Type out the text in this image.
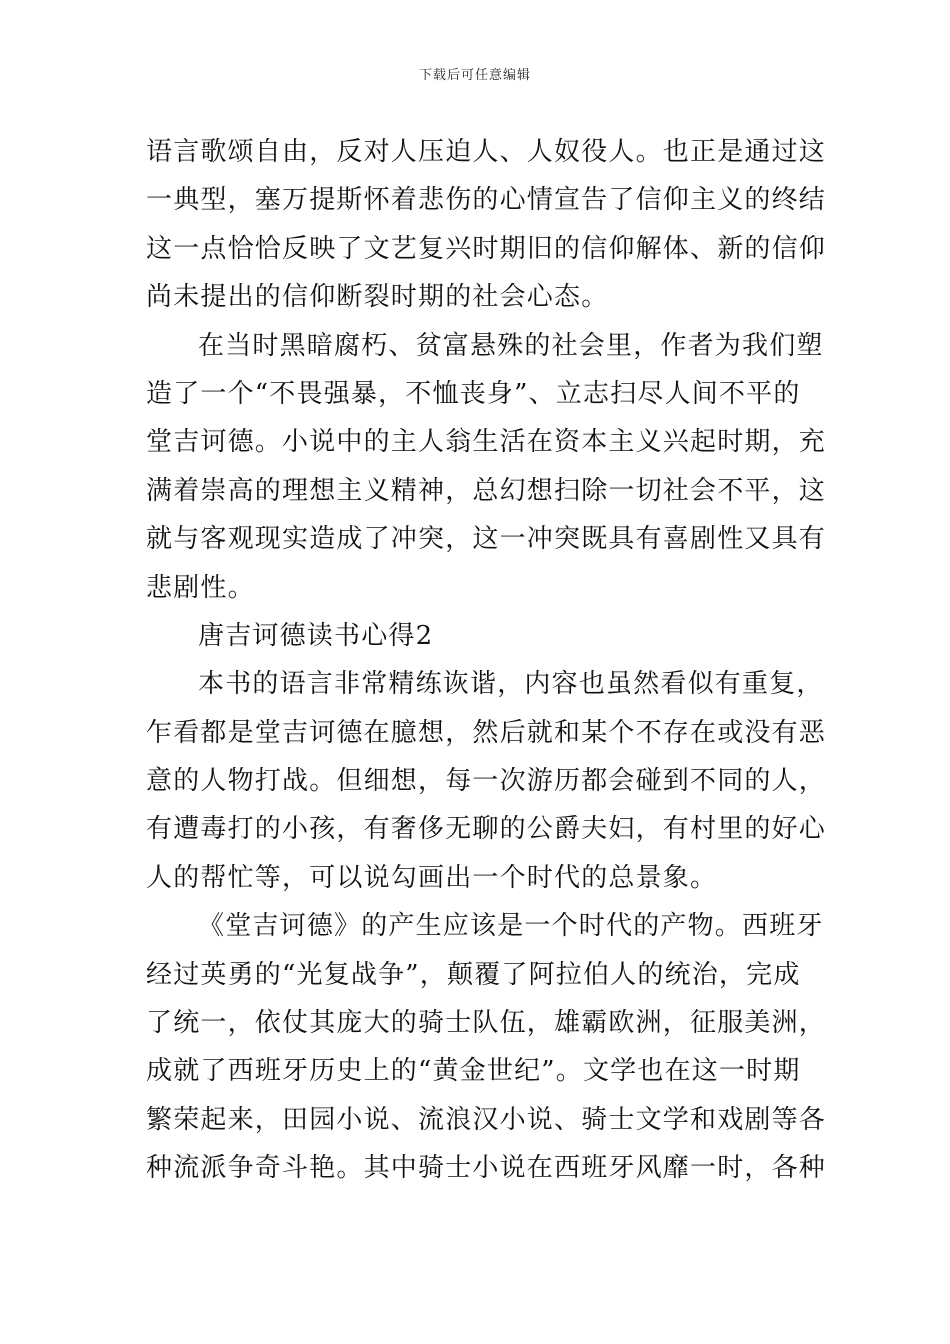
下载后可任意编辑
语言歌颂自由，反对人压迫人、人奴役人。也正是通过这
一典型，塞万提斯怀着悲伤的心情宣告了信仰主义的终结
这一点恰恰反映了文艺复兴时期旧的信仰解体、新的信仰
尚未提出的信仰断裂时期的社会心态。
在当时黑暗腐朽、贫富悬殊的社会里，作者为我们塑
造了一个“不畏强暴，不恤丧身”、立志扫尽人间不平的
堂吉诃德。小说中的主人翁生活在资本主义兴起时期，充
满着崇高的理想主义精神，总幻想扫除一切社会不平，这
就与客观现实造成了冲突，这一冲突既具有喜剧性又具有
悲剧性。
唐吉诃德读书心得2
本书的语言非常精练诙谐，内容也虽然看似有重复，
乍看都是堂吉诃德在臆想，然后就和某个不存在或没有恶
意的人物打战。但细想，每一次游历都会碰到不同的人，
有遭毒打的小孩，有奢侈无聊的公爵夫妇，有村里的好心
人的帮忙等，可以说勾画出一个时代的总景象。
《堂吉诃德》的产生应该是一个时代的产物。西班牙
经过英勇的“光复战争”，颠覆了阿拉伯人的统治，完成
了统一，依仗其庞大的骑士队伍，雄霸欧洲，征服美洲，
成就了西班牙历史上的“黄金世纪”。文学也在这一时期
繁荣起来，田园小说、流浪汉小说、骑士文学和戏剧等各
种流派争奇斗艳。其中骑士小说在西班牙风靡一时，各种
